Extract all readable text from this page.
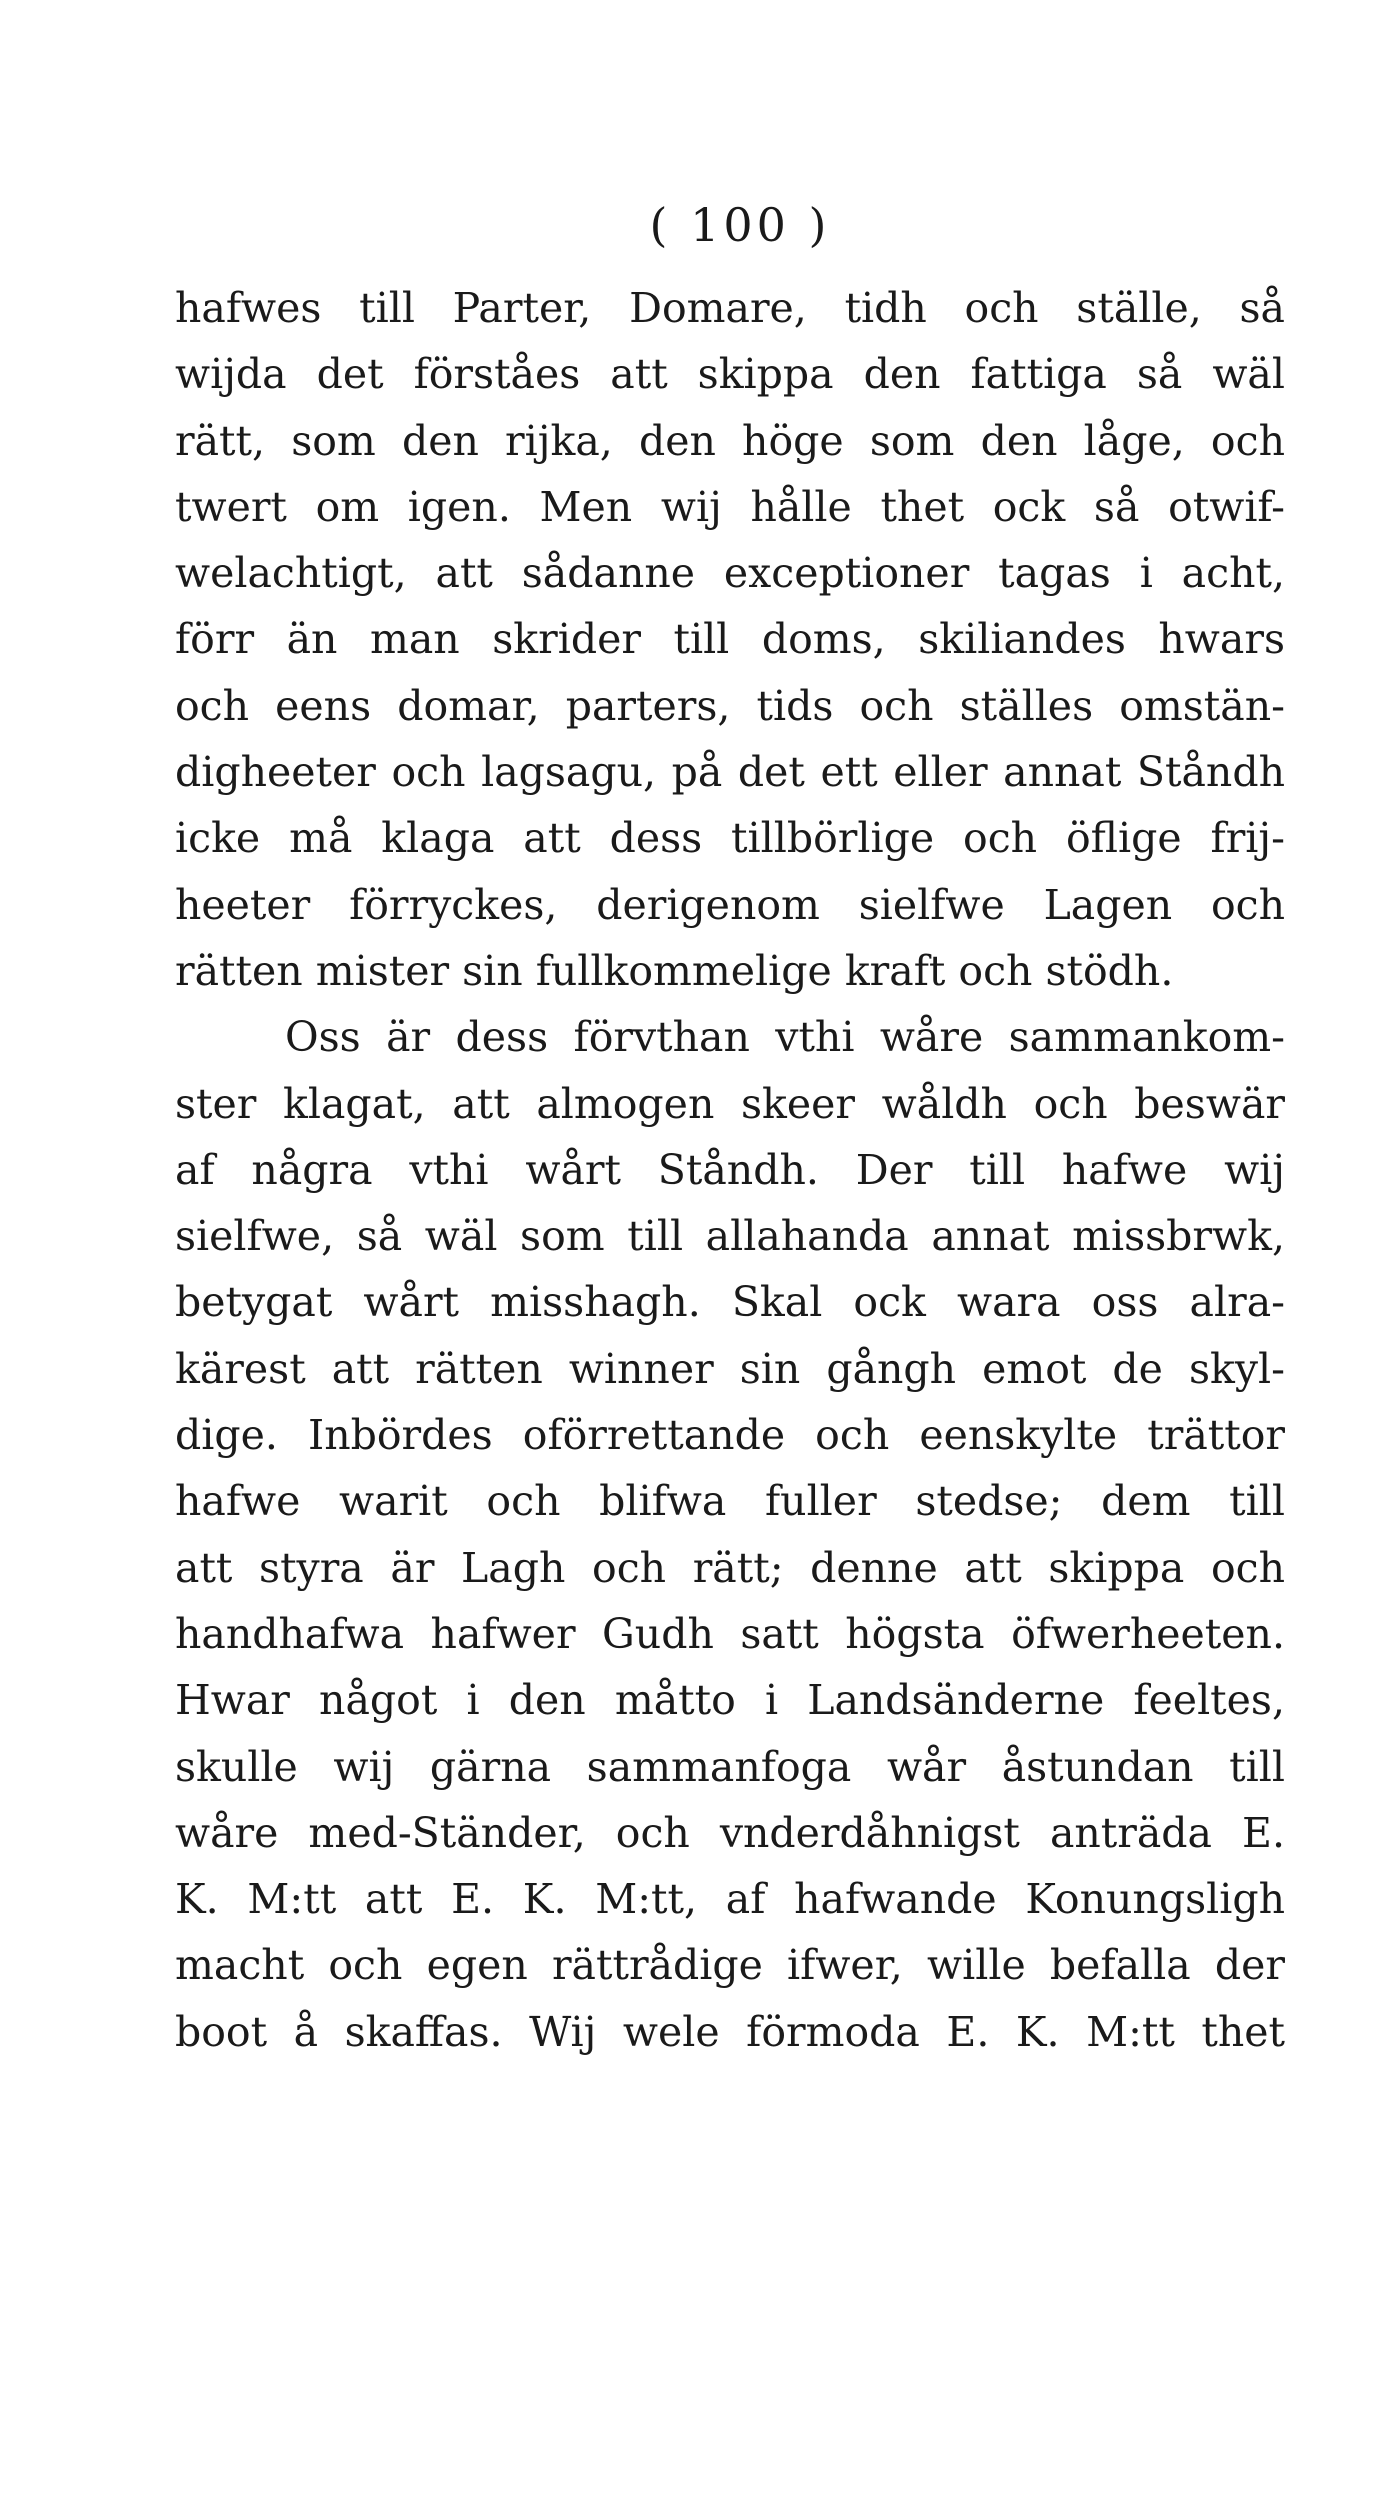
( 100 )
hafwes till Parter, Domare, tidh och ställe, så
wijda det förståes att skippa den fattiga så wäl
rätt, som den rijka, den höge som den låge, och
twert om igen. Men wij hålle thet ock så otwif-
welachtigt, att sådanne exceptioner tagas i acht,
förr än man skrider till doms, skiliandes hwars
och eens domar, parters, tids och ställes omstän-
digheeter och lagsagu, på det ett eller annat Ståndh
icke må klaga att dess tillbörlige och öflige frij-
heeter förryckes, derigenom sielfwe Lagen och
rätten mister sin fullkommelige kraft och stödh.
Oss är dess förvthan vthi wåre sammankom-
ster klagat, att almogen skeer wåldh och beswär
af några vthi wårt Ståndh. Der till hafwe wij
sielfwe, så wäl som till allahanda annat missbrwk,
betygat wårt misshagh. Skal ock wara oss alra-
kärest att rätten winner sin gångh emot de skyl-
dige. Inbördes oförrettande och eenskylte trättor
hafwe warit och blifwa fuller stedse; dem till
att styra är Lagh och rätt; denne att skippa och
handhafwa hafwer Gudh satt högsta öfwerheeten.
Hwar något i den måtto i Landsänderne feeltes,
skulle wij gärna sammanfoga wår åstundan till
wåre med-Ständer, och vnderdåhnigst anträda E.
K. M:tt att E. K. M:tt, af hafwande Konungsligh
macht och egen rättrådige ifwer, wille befalla der
boot å skaffas. Wij wele förmoda E. K. M:tt thet
